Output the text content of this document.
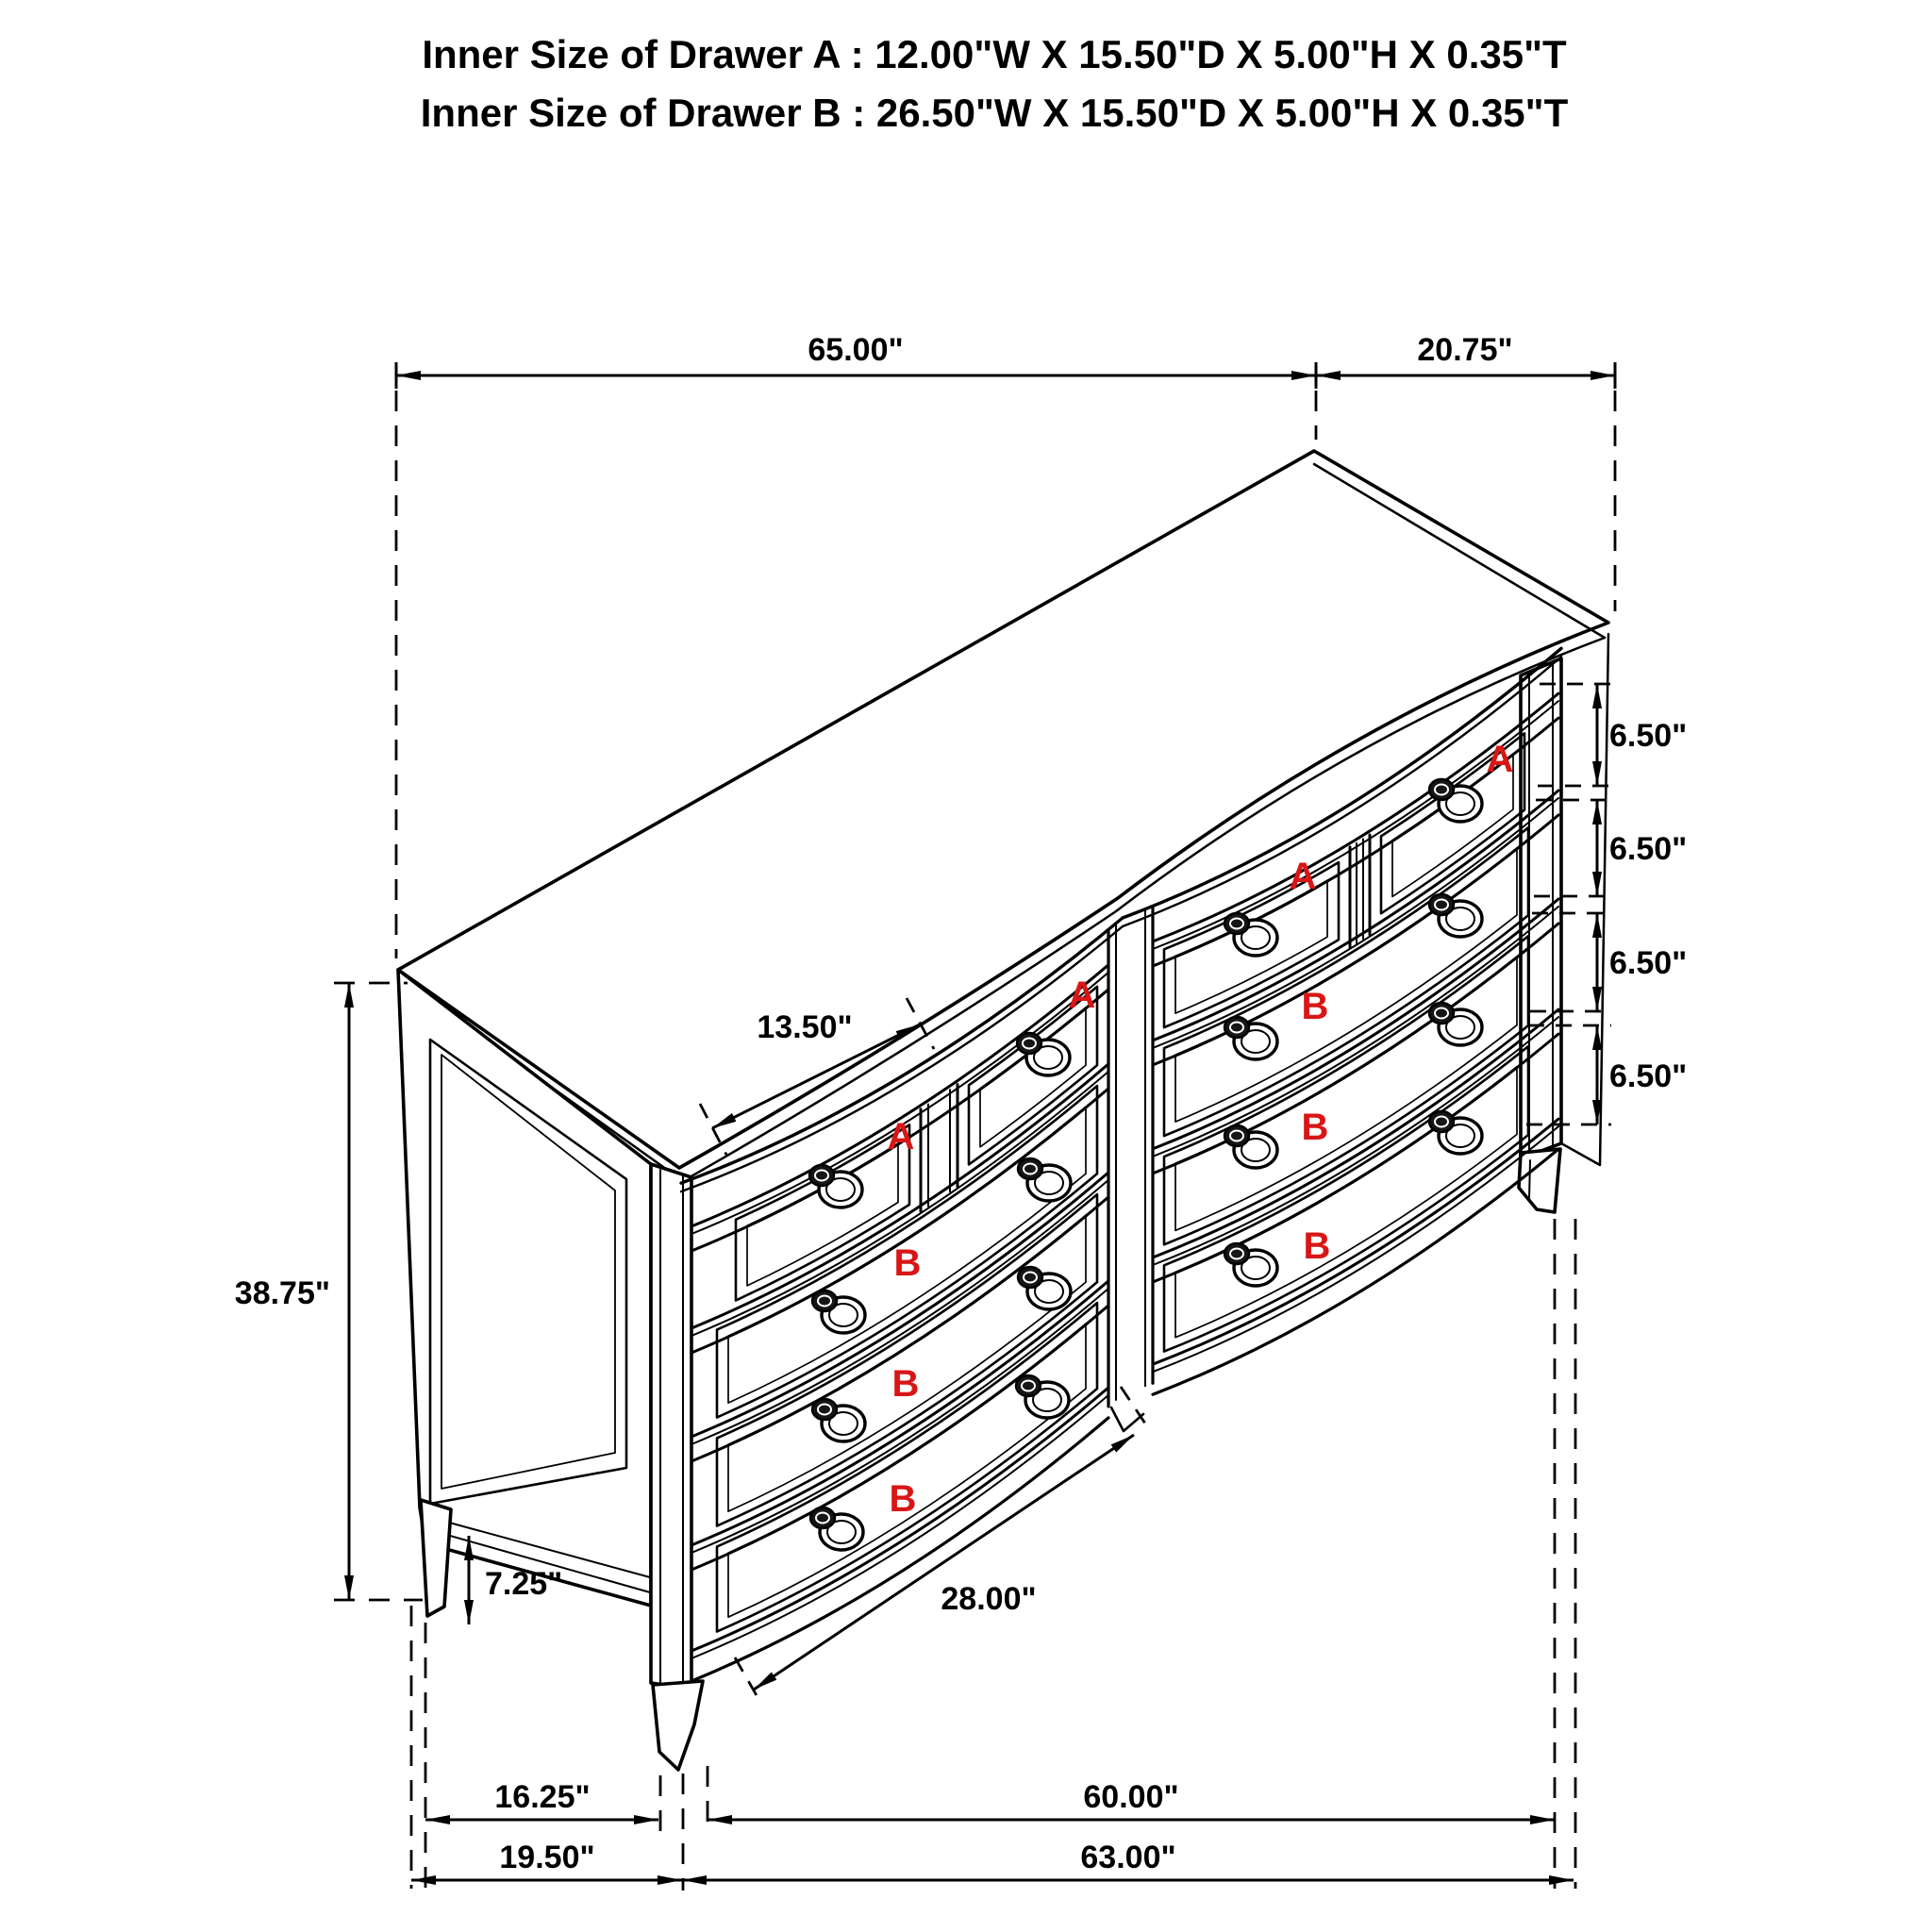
Inner Size of Drawer A : 12.00"W X 15.50"D X 5.00"H X 0.35"T
Inner Size of Drawer B : 26.50"W X 15.50"D X 5.00"H X 0.35"T
A
A
A
A
B
B
B
B
B
B
65.00"	20.75"
6.50"
6.50"
6.50"
6.50"
38.75"
7.25"
13.50"
28.00"
16.25"	60.00"
19.50"	63.00"
